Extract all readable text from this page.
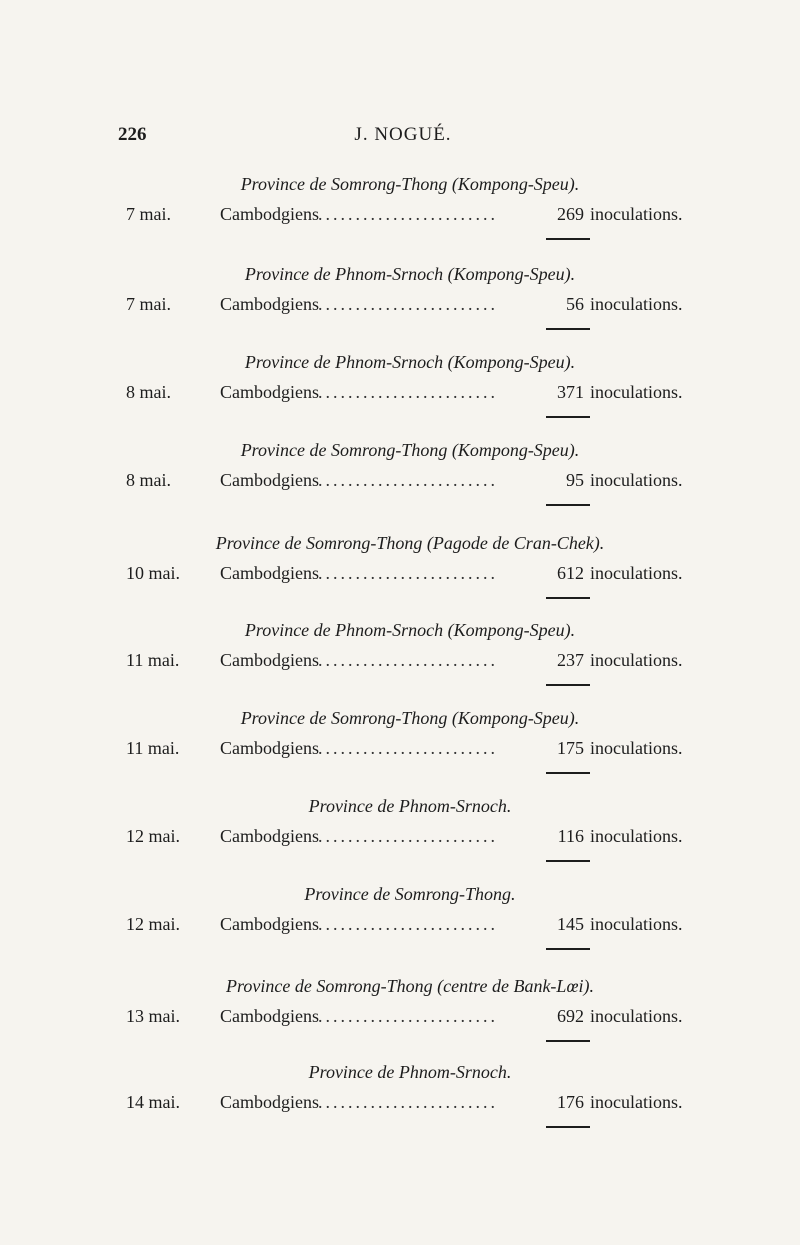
226	J. NOGUÉ.
Province de Somrong-Thong (Kompong-Speu).
7 mai.	Cambodgiens ........................	269 inoculations.
Province de Phnom-Srnoch (Kompong-Speu).
7 mai.	Cambodgiens ........................	56 inoculations.
Province de Phnom-Srnoch (Kompong-Speu).
8 mai.	Cambodgiens ........................	371 inoculations.
Province de Somrong-Thong (Kompong-Speu).
8 mai.	Cambodgiens ........................	95 inoculations.
Province de Somrong-Thong (Pagode de Cran-Chek).
10 mai. Cambodgiens ........................	612 inoculations.
Province de Phnom-Srnoch (Kompong-Speu).
11 mai. Cambodgiens ........................	237 inoculations.
Province de Somrong-Thong (Kompong-Speu).
11 mai. Cambodgiens ........................	175 inoculations.
Province de Phnom-Srnoch.
12 mai. Cambodgiens ........................	116 inoculations.
Province de Somrong-Thong.
12 mai. Cambodgiens ........................	145 inoculations.
Province de Somrong-Thong (centre de Bank-Lœi).
13 mai. Cambodgiens ........................	692 inoculations.
Province de Phnom-Srnoch.
14 mai. Cambodgiens ........................	176 inoculations.
